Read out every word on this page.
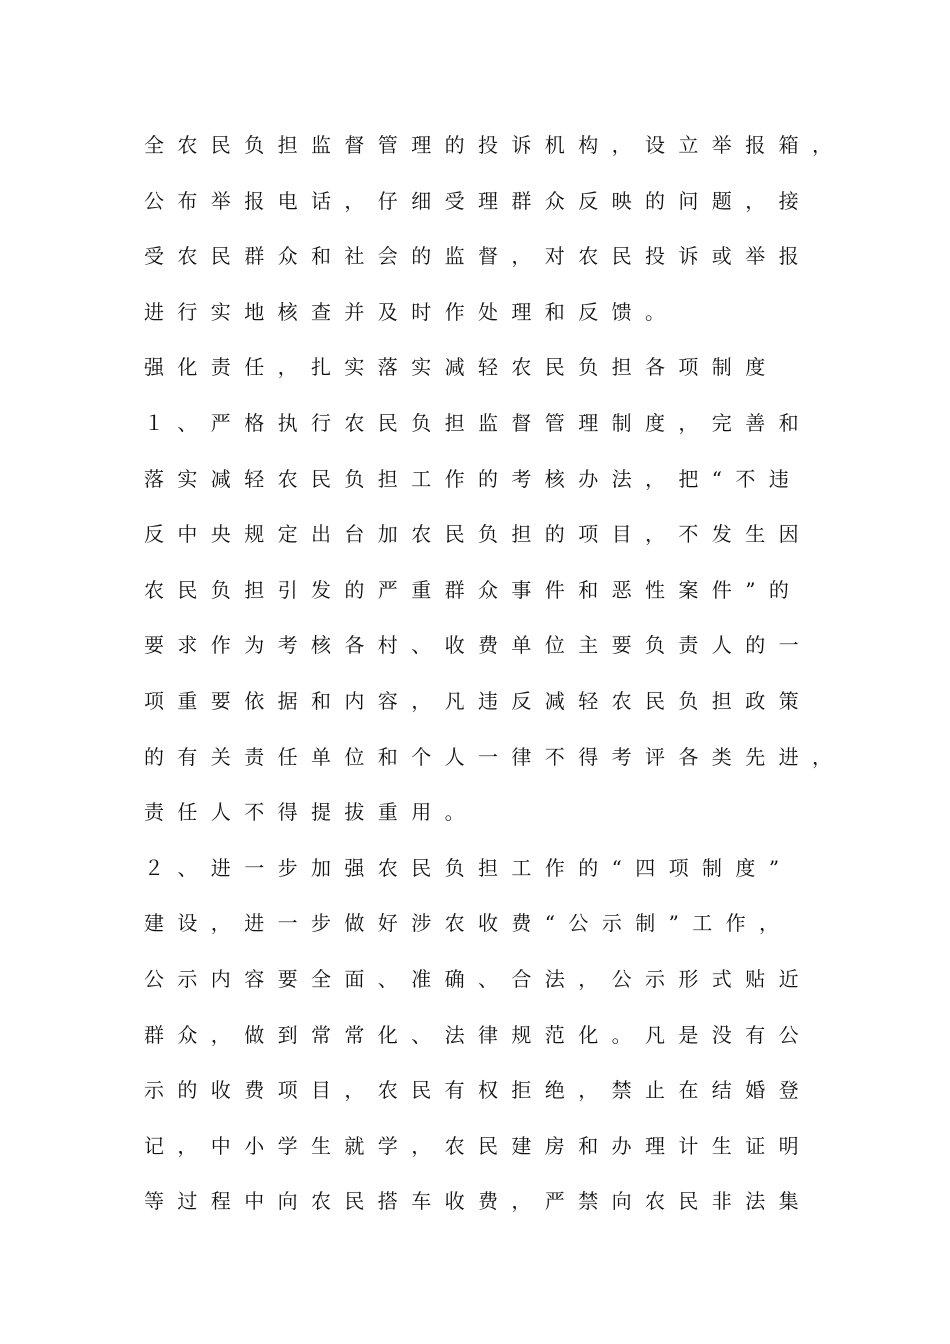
全农民负担监督管理的投诉机构，设立举报箱，
公布举报电话，仔细受理群众反映的问题，接
受农民群众和社会的监督，对农民投诉或举报
进行实地核查并及时作处理和反馈。
强化责任，扎实落实减轻农民负担各项制度
１、严格执行农民负担监督管理制度，完善和
落实减轻农民负担工作的考核办法，把“不违
反中央规定出台加农民负担的项目，不发生因
农民负担引发的严重群众事件和恶性案件”的
要求作为考核各村、收费单位主要负责人的一
项重要依据和内容，凡违反减轻农民负担政策
的有关责任单位和个人一律不得考评各类先进，
责任人不得提拔重用。
２、进一步加强农民负担工作的“四项制度”
建设，进一步做好涉农收费“公示制”工作，
公示内容要全面、准确、合法，公示形式贴近
群众，做到常常化、法律规范化。凡是没有公
示的收费项目，农民有权拒绝，禁止在结婚登
记，中小学生就学，农民建房和办理计生证明
等过程中向农民搭车收费，严禁向农民非法集
